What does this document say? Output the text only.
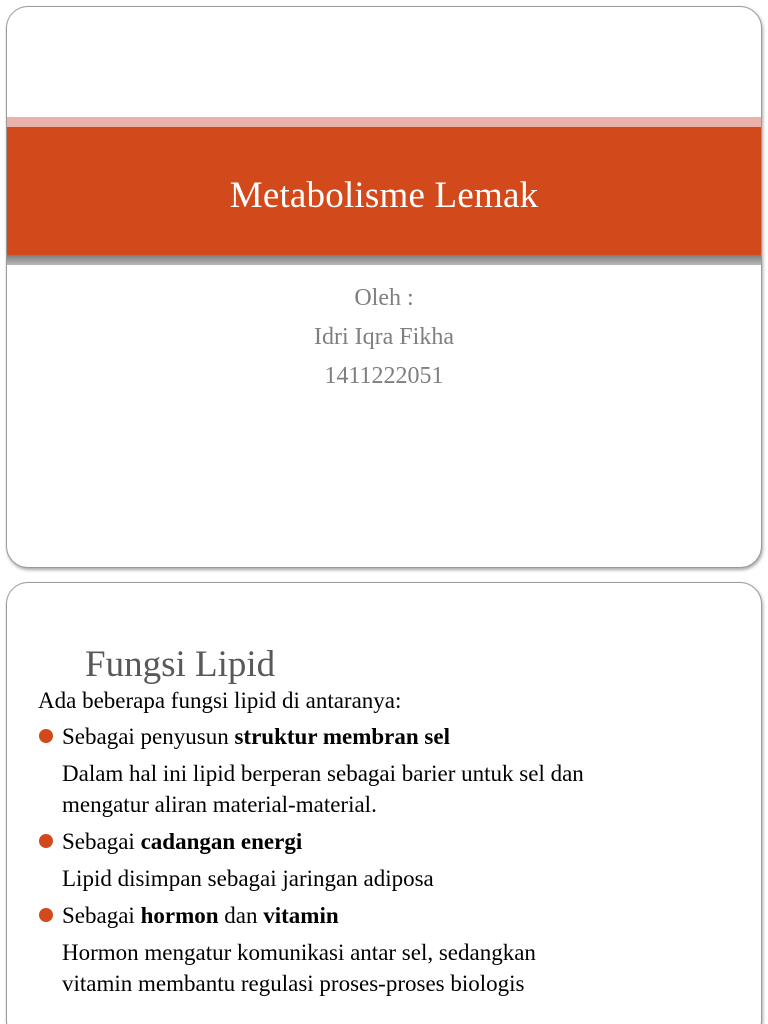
Metabolisme Lemak
Oleh :
Idri Iqra Fikha
1411222051
Fungsi Lipid
Ada beberapa fungsi lipid di antaranya:
Sebagai penyusun struktur membran sel
Dalam hal ini lipid berperan sebagai barier untuk sel dan
mengatur aliran material-material.
Sebagai cadangan energi
Lipid disimpan sebagai jaringan adiposa
Sebagai hormon dan vitamin
Hormon mengatur komunikasi antar sel, sedangkan
vitamin membantu regulasi proses-proses biologis
